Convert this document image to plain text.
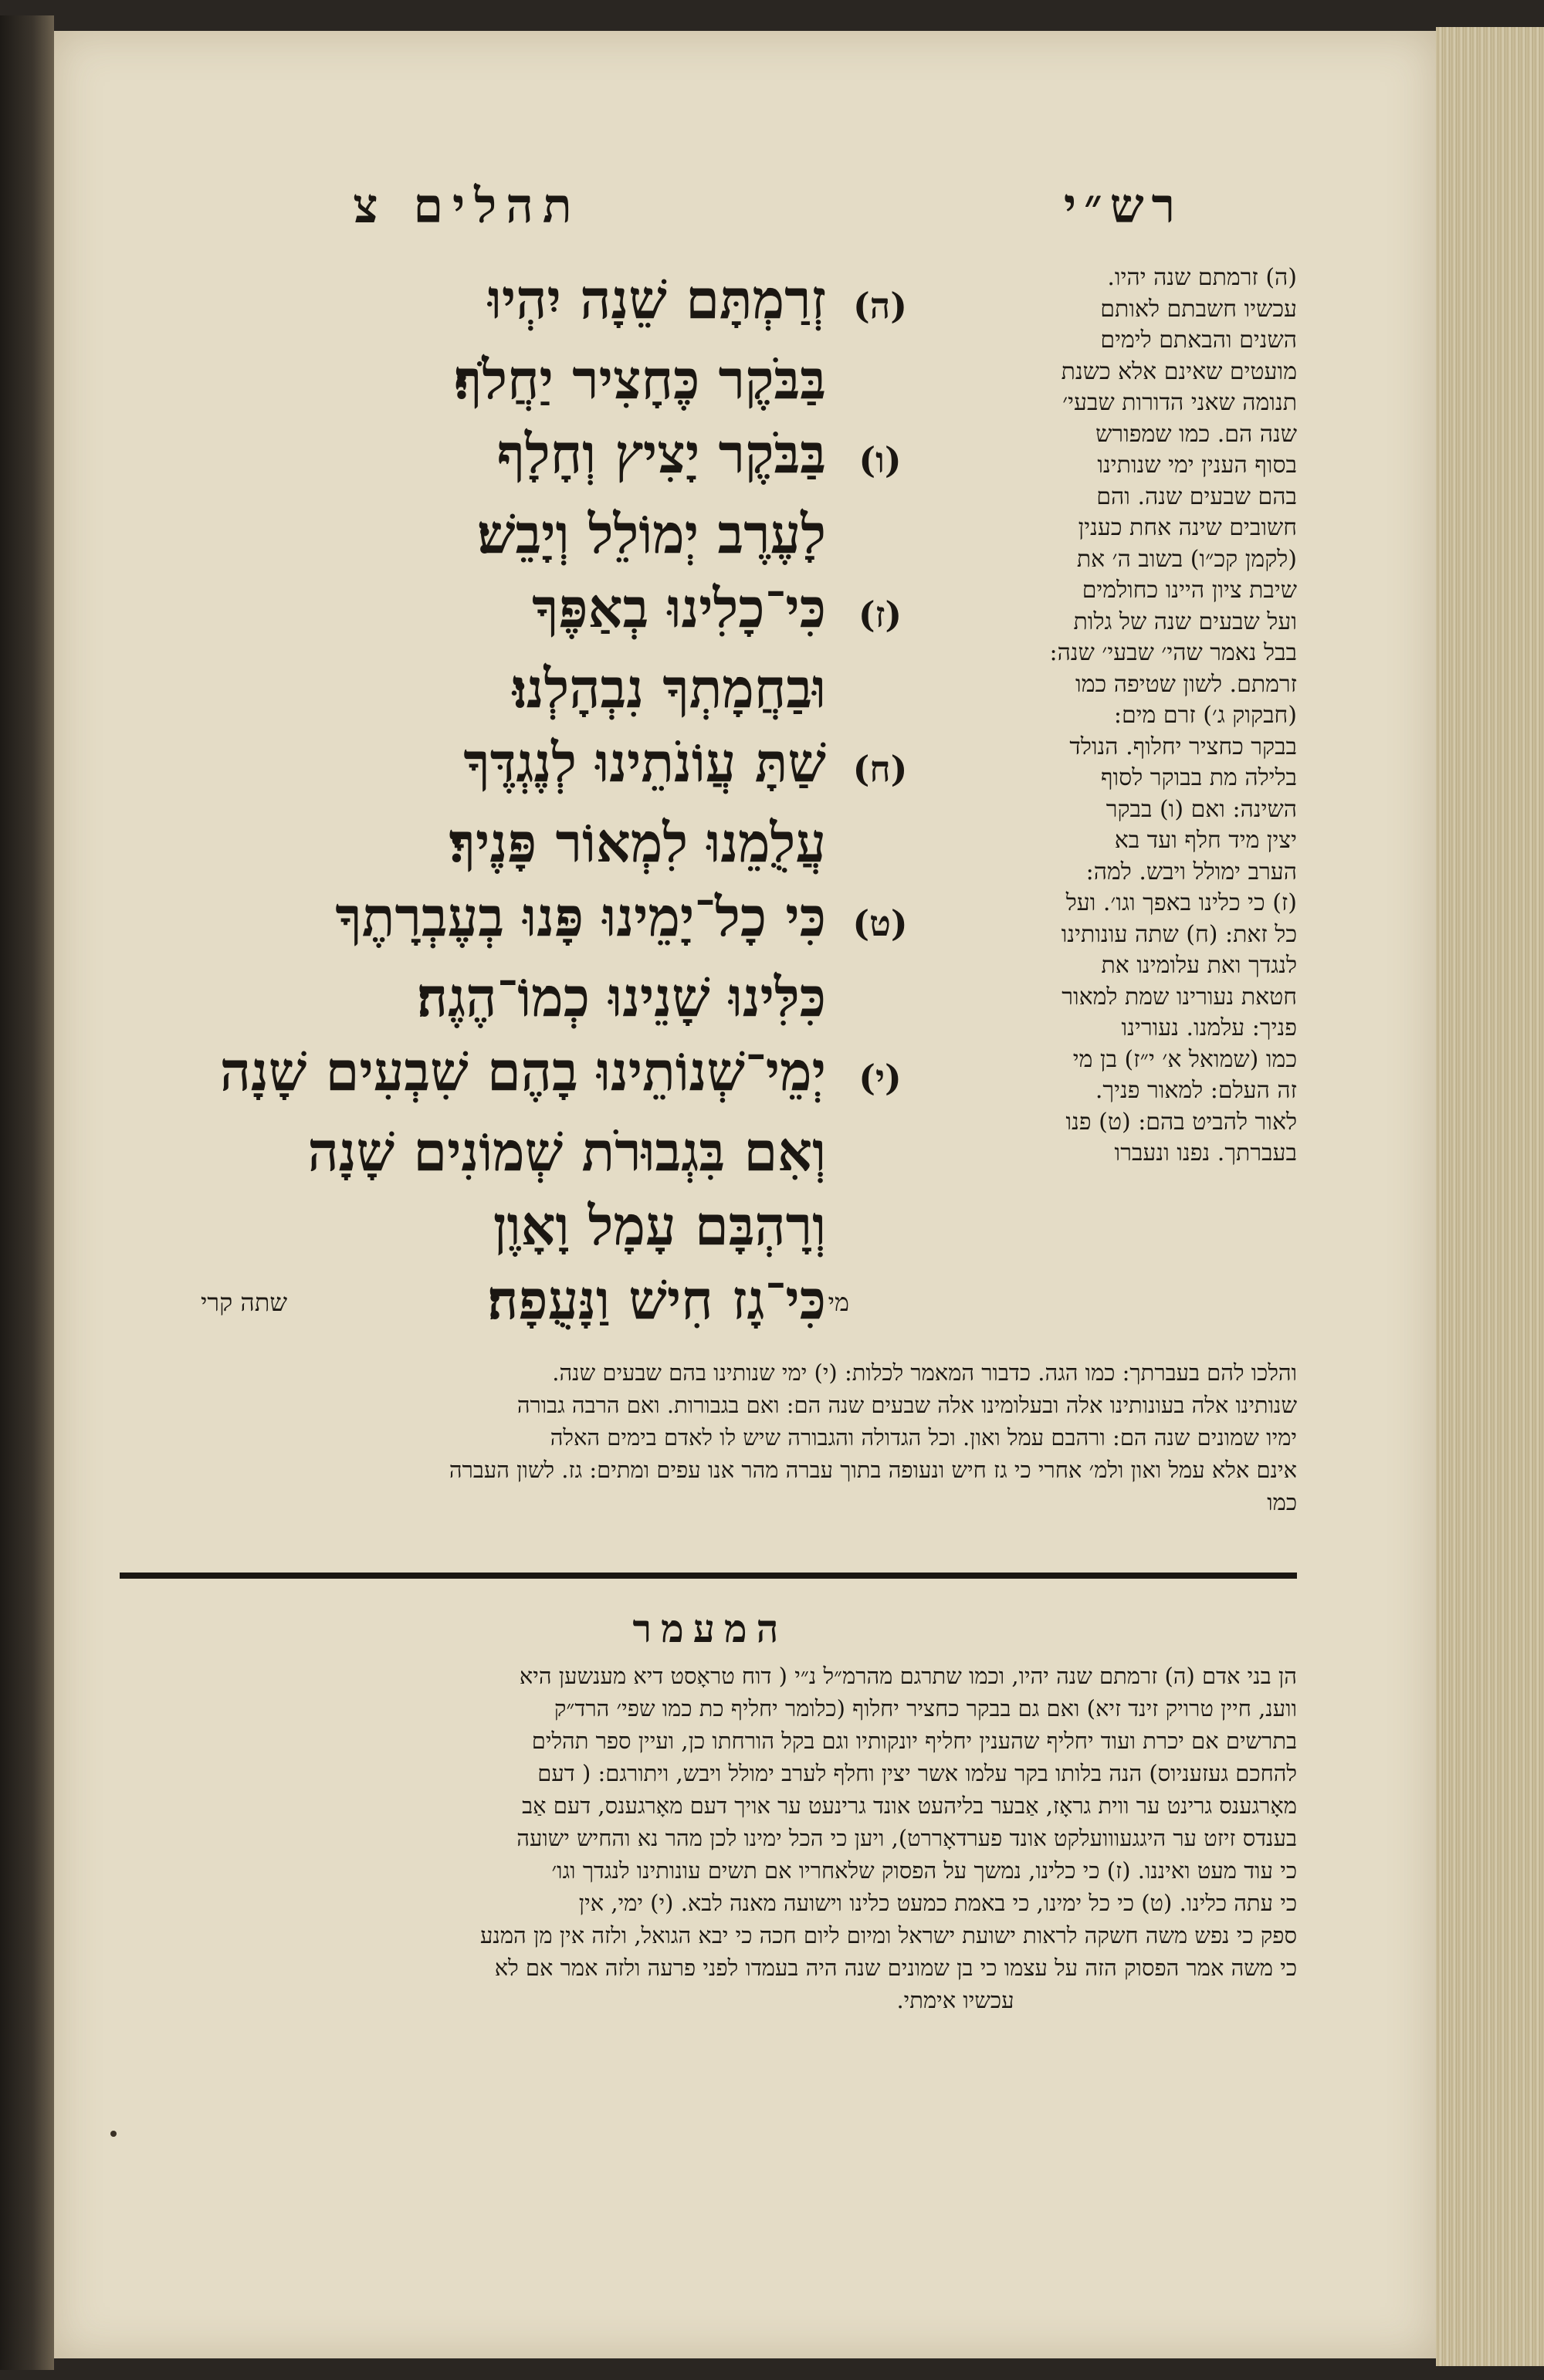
רש״י
תהלים צ
(ה)
זְרַמְתָּם שֵׁנָה יִהְיוּ
בַּבֹּקֶר כֶּחָצִיר יַחֲלֹף׃
(ו)
בַּבֹּקֶר יָצִיץ וְחָלָף
לָעֶרֶב יְמוֹלֵל וְיָבֵשׁ׃
(ז)
כִּי־כָלִינוּ בְאַפֶּךָ
וּבַחֲמָתְךָ נִבְהָלְנוּ׃
(ח)
שַׁתָּ עֲוֹנֹתֵינוּ לְנֶגְדֶּךָ
עֲלֻמֵנוּ לִמְאוֹר פָּנֶיךָ׃
(ט)
כִּי כָל־יָמֵינוּ פָּנוּ בְעֶבְרָתֶךָ
כִּלִּינוּ שָׁנֵינוּ כְמוֹ־הֶגֶה׃
(י)
יְמֵי־שְׁנוֹתֵינוּ בָהֶם שִׁבְעִים שָׁנָה
וְאִם בִּגְבוּרֹת שְׁמוֹנִים שָׁנָה
וְרָהְבָּם עָמָל וָאָוֶן
כִּי־גָז חִישׁ וַנָּעֻפָה׃ מי
שתה קרי
(ה) זרמתם שנה יהיו.
עכשיו חשבתם לאותם
השנים והבאתם לימים
מועטים שאינם אלא כשנת
תנומה שאני הדורות שבעי׳
שנה הם. כמו שמפורש
בסוף הענין ימי שנותינו
בהם שבעים שנה. והם
חשובים שינה אחת כענין
(לקמן קכ״ו) בשוב ה׳ את
שיבת ציון היינו כחולמים
ועל שבעים שנה של גלות
בבל נאמר שהי׳ שבעי׳ שנה:
זרמתם. לשון שטיפה כמו
(חבקוק ג׳) זרם מים:
בבקר כחציר יחלוף. הנולד
בלילה מת בבוקר לסוף
השינה: ואם (ו) בבקר
יצין מיד חלף ועד בא
הערב ימולל ויבש. למה:
(ז) כי כלינו באפך וגו׳. ועל
כל זאת: (ח) שתה עונותינו
לנגדך ואת עלומינו את
חטאת נעורינו שמת למאור
פניך: עלמנו. נעורינו
כמו (שמואל א׳ י״ז) בן מי
זה העלם: למאור פניך.
לאור להביט בהם: (ט) פנו
בעברתך. נפנו ונעברו
והלכו להם בעברתך: כמו הגה. כדבור המאמר לכלות: (י) ימי שנותינו בהם שבעים שנה.
שנותינו אלה בעונותינו אלה ובעלומינו אלה שבעים שנה הם: ואם בגבורות. ואם הרבה גבורה
ימיו שמונים שנה הם: ורהבם עמל ואון. וכל הגדולה והגבורה שיש לו לאדם בימים האלה
אינם אלא עמל ואון ולמ׳ אחרי כי גז חיש ונעופה בתוך עברה מהר אנו עפים ומתים: גז. לשון העברה
כמו
המעמר
הן בני אדם (ה) זרמתם שנה יהיו, וכמו שתרגם מהרמ״ל נ״י ( דוח טראָסט דיא מענשען היא
ווענ, חיין טרויק זינד זיא) ואם גם בבקר כחציר יחלוף (כלומר יחליף כת כמו שפי׳ הרד״ק
בתרשים אם יכרת ועוד יחליף שהענין יחליף יונקותיו וגם בקל הורחתו כן, ועיין ספר תהלים
להחכם געזעניוס) הנה בלותו בקר עלמו אשר יצין וחלף לערב ימולל ויבש, ויתורגם: ( דעם
מאָרגענס גרינט ער ווית גראָז, אַבער בליהעט אונד גרינעט ער אויך דעם מאָרגענס, דעם אַב
בענדס זיזט ער היגגעווועלקט אונד פערדאָררט), ויען כי הכל ימינו לכן מהר נא והחיש ישועה
כי עוד מעט ואיננו. (ז) כי כלינו, נמשך על הפסוק שלאחריו אם תשים עונותינו לנגדך וגו׳
כי עתה כלינו. (ט) כי כל ימינו, כי באמת כמעט כלינו וישועה מאנה לבא. (י) ימי, אין
ספק כי נפש משה חשקה לראות ישועת ישראל ומיום ליום חכה כי יבא הגואל, ולזה אין מן המנע
כי משה אמר הפסוק הזה על עצמו כי בן שמונים שנה היה בעמדו לפני פרעה ולזה אמר אם לא
עכשיו אימתי.
